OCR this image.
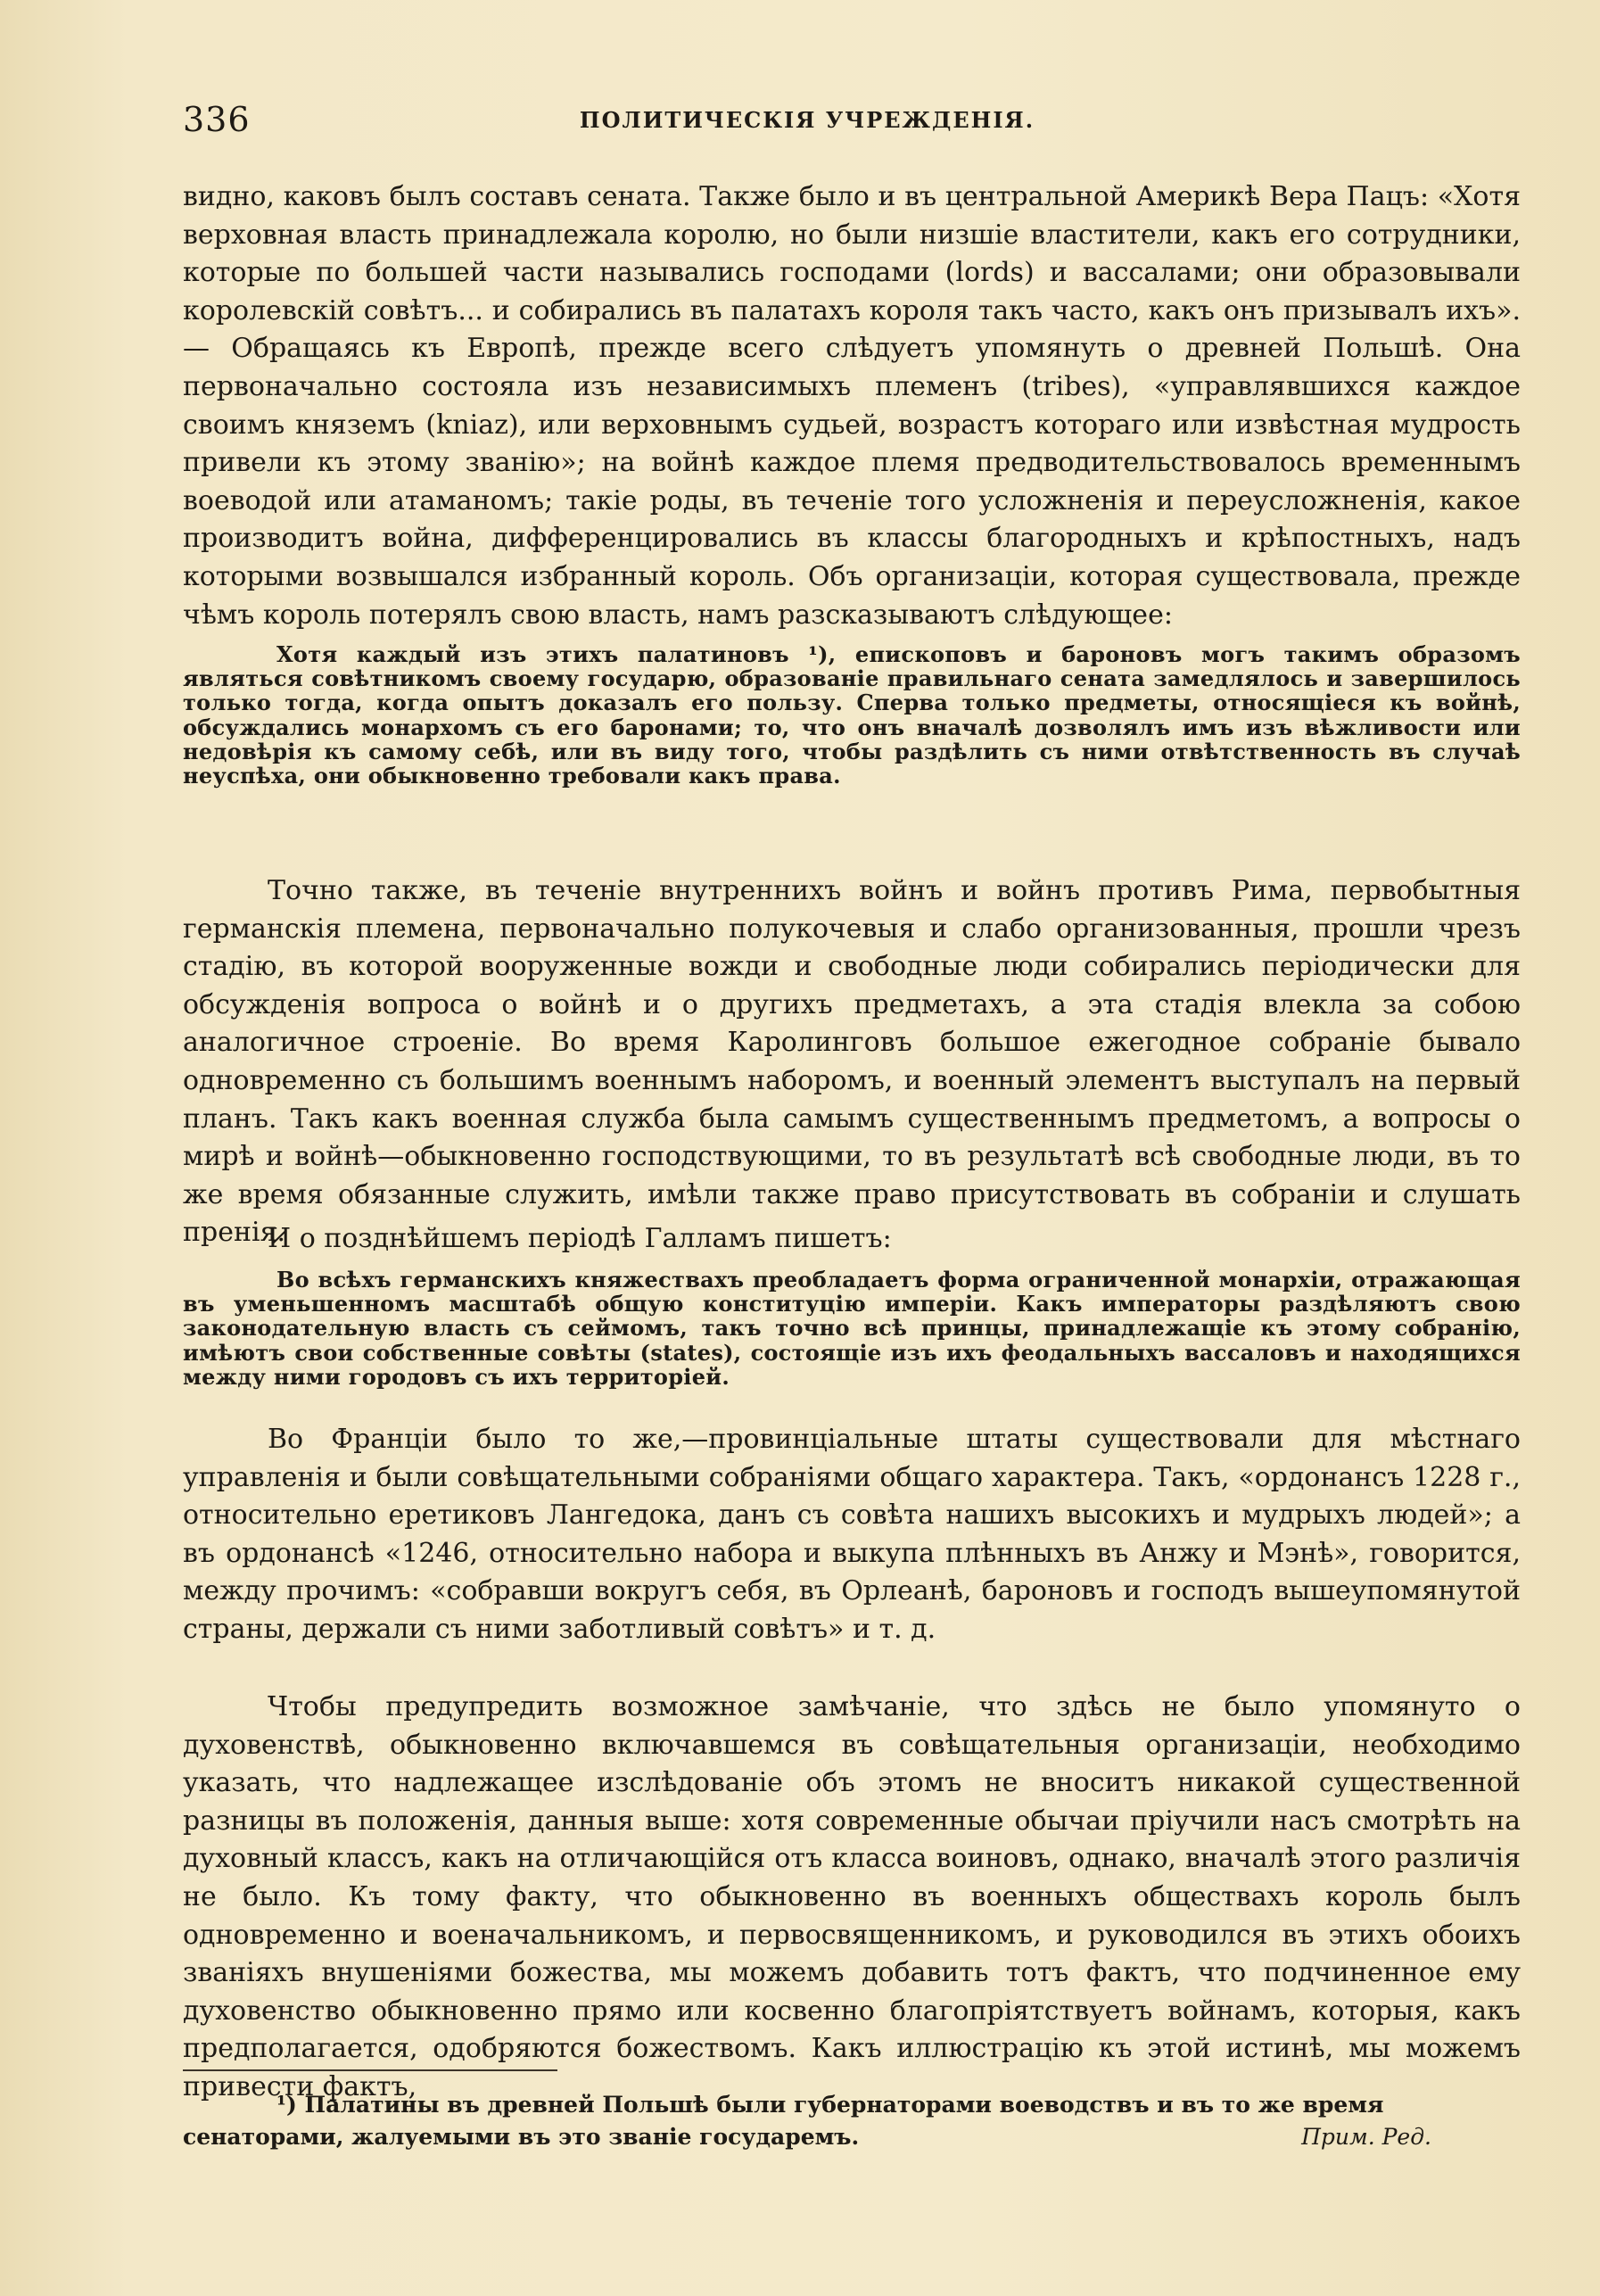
336	ПОЛИТИЧЕСКІЯ УЧРЕЖДЕНІЯ.

видно, каковъ былъ составъ сената. Также было и въ центральной Америкѣ Вера Пацъ: «Хотя верховная власть принадлежала королю, но были низшіе властители, какъ его сотрудники, которые по большей части назывались господами (lords) и вассалами; они образовывали королевскій совѣтъ... и собирались въ палатахъ короля такъ часто, какъ онъ призывалъ ихъ».— Обращаясь къ Европѣ, прежде всего слѣдуетъ упомянуть о древней Польшѣ. Она первоначально состояла изъ независимыхъ племенъ (tribes), «управлявшихся каждое своимъ княземъ (kniaz), или верховнымъ судьей, возрастъ котораго или извѣстная мудрость привели къ этому званію»; на войнѣ каждое племя предводительствовалось временнымъ воеводой или атаманомъ; такіе роды, въ теченіе того усложненія и переусложненія, какое производитъ война, дифференцировались въ классы благородныхъ и крѣпостныхъ, надъ которыми возвышался избранный король. Объ организаціи, которая существовала, прежде чѣмъ король потерялъ свою власть, намъ разсказываютъ слѣдующее:

Хотя каждый изъ этихъ палатиновъ ¹), епископовъ и бароновъ могъ такимъ образомъ являться совѣтникомъ своему государю, образованіе правильнаго сената замедлялось и завершилось только тогда, когда опытъ доказалъ его пользу. Сперва только предметы, относящіеся къ войнѣ, обсуждались монархомъ съ его баронами; то, что онъ вначалѣ дозволялъ имъ изъ вѣжливости или недовѣрія къ самому себѣ, или въ виду того, чтобы раздѣлить съ ними отвѣтственность въ случаѣ неуспѣха, они обыкновенно требовали какъ права.

Точно также, въ теченіе внутреннихъ войнъ и войнъ противъ Рима, первобытныя германскія племена, первоначально полукочевыя и слабо организованныя, прошли чрезъ стадію, въ которой вооруженные вожди и свободные люди собирались періодически для обсужденія вопроса о войнѣ и о другихъ предметахъ, а эта стадія влекла за собою аналогичное строеніе. Во время Каролинговъ большое ежегодное собраніе бывало одновременно съ большимъ военнымъ наборомъ, и военный элементъ выступалъ на первый планъ. Такъ какъ военная служба была самымъ существеннымъ предметомъ, а вопросы о мирѣ и войнѣ—обыкновенно господствующими, то въ результатѣ всѣ свободные люди, въ то же время обязанные служить, имѣли также право присутствовать въ собраніи и слушать пренія.

И о позднѣйшемъ періодѣ Галламъ пишетъ:

Во всѣхъ германскихъ княжествахъ преобладаетъ форма ограниченной монархіи, отражающая въ уменьшенномъ масштабѣ общую конституцію имперіи. Какъ императоры раздѣляютъ свою законодательную власть съ сеймомъ, такъ точно всѣ принцы, принадлежащіе къ этому собранію, имѣютъ свои собственные совѣты (states), состоящіе изъ ихъ феодальныхъ вассаловъ и находящихся между ними городовъ съ ихъ территоріей.

Во Франціи было то же,—провинціальные штаты существовали для мѣстнаго управленія и были совѣщательными собраніями общаго характера. Такъ, «ордонансъ 1228 г., относительно еретиковъ Лангедока, данъ съ совѣта нашихъ высокихъ и мудрыхъ людей»; а въ ордонансѣ «1246, относительно набора и выкупа плѣнныхъ въ Анжу и Мэнѣ», говорится, между прочимъ: «собравши вокругъ себя, въ Орлеанѣ, бароновъ и господъ вышеупомянутой страны, держали съ ними заботливый совѣтъ» и т. д.

Чтобы предупредить возможное замѣчаніе, что здѣсь не было упомянуто о духовенствѣ, обыкновенно включавшемся въ совѣщательныя организаціи, необходимо указать, что надлежащее изслѣдованіе объ этомъ не вноситъ никакой существенной разницы въ положенія, данныя выше: хотя современные обычаи пріучили насъ смотрѣть на духовный классъ, какъ на отличающійся отъ класса воиновъ, однако, вначалѣ этого различія не было. Къ тому факту, что обыкновенно въ военныхъ обществахъ король былъ одновременно и военачальникомъ, и первосвященникомъ, и руководился въ этихъ обоихъ званіяхъ внушеніями божества, мы можемъ добавить тотъ фактъ, что подчиненное ему духовенство обыкновенно прямо или косвенно благопріятствуетъ войнамъ, которыя, какъ предполагается, одобряются божествомъ. Какъ иллюстрацію къ этой истинѣ, мы можемъ привести фактъ,

¹) Палатины въ древней Польшѣ были губернаторами воеводствъ и въ то же время

сенаторами, жалуемыми въ это званіе государемъ.	Прим. Ред.
